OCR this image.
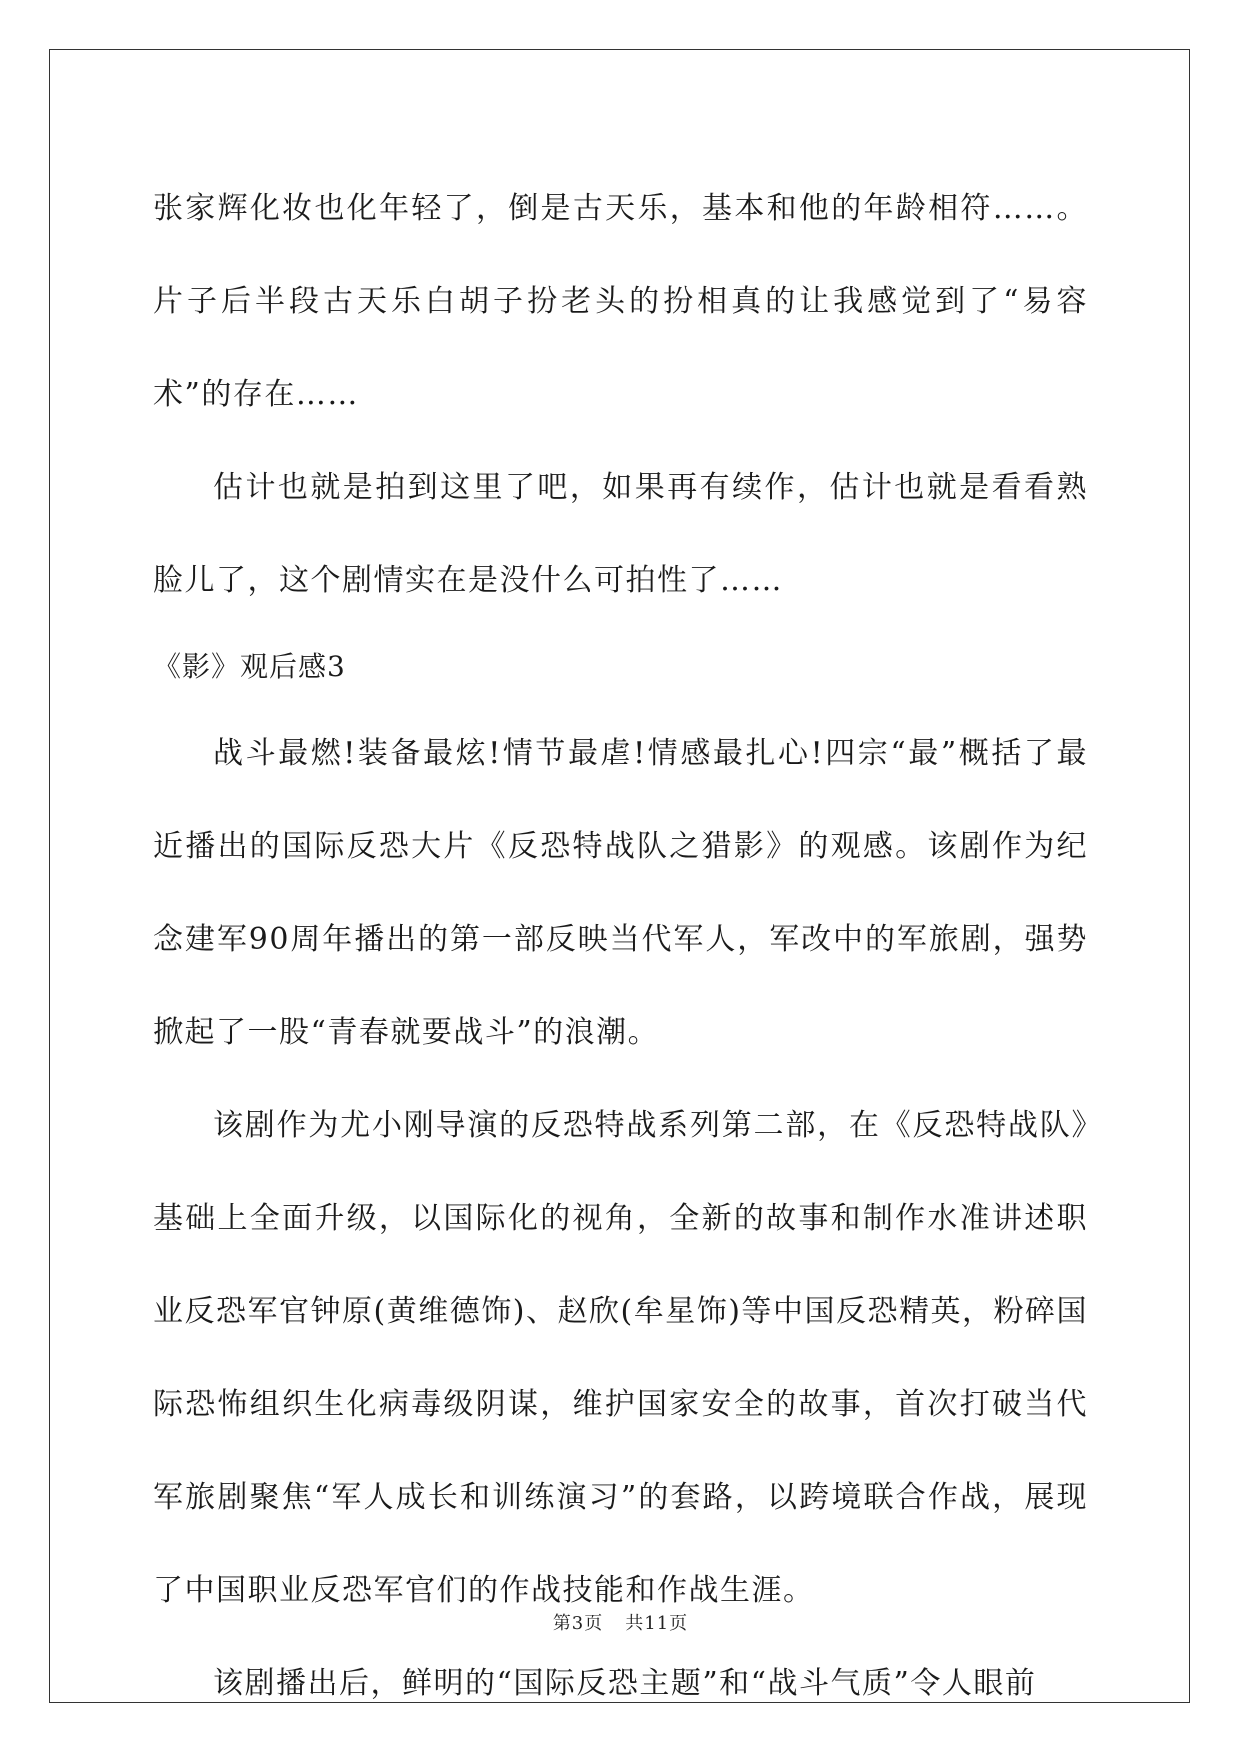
张家辉化妆也化年轻了，倒是古天乐，基本和他的年龄相符……。片子后半段古天乐白胡子扮老头的扮相真的让我感觉到了“易容术”的存在……

估计也就是拍到这里了吧，如果再有续作，估计也就是看看熟脸儿了，这个剧情实在是没什么可拍性了……

《影》观后感3

战斗最燃!装备最炫!情节最虐!情感最扎心!四宗“最”概括了最近播出的国际反恐大片《反恐特战队之猎影》的观感。该剧作为纪念建军90周年播出的第一部反映当代军人，军改中的军旅剧，强势掀起了一股“青春就要战斗”的浪潮。

该剧作为尤小刚导演的反恐特战系列第二部，在《反恐特战队》基础上全面升级，以国际化的视角，全新的故事和制作水准讲述职业反恐军官钟原(黄维德饰)、赵欣(牟星饰)等中国反恐精英，粉碎国际恐怖组织生化病毒级阴谋，维护国家安全的故事，首次打破当代军旅剧聚焦“军人成长和训练演习”的套路，以跨境联合作战，展现了中国职业反恐军官们的作战技能和作战生涯。

该剧播出后，鲜明的“国际反恐主题”和“战斗气质”令人眼前

第3页 共11页
